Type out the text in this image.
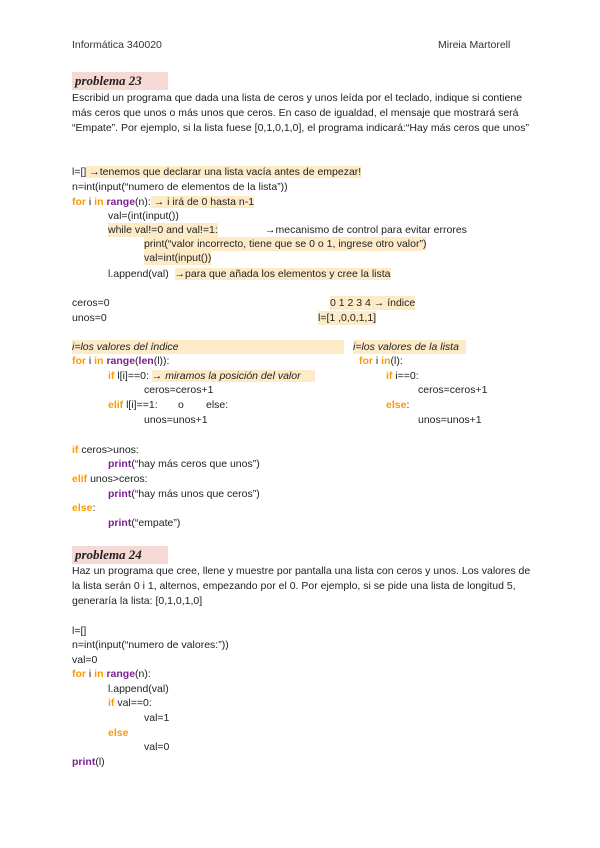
Informática 340020	Mireia Martorell
problema 23
Escribid un programa que dada una lista de ceros y unos leída por el teclado, indique si contiene más ceros que unos o más unos que ceros. En caso de igualdad, el mensaje que mostrará será “Empate”. Por ejemplo, si la lista fuese [0,1,0,1,0], el programa indicará:“Hay más ceros que unos”
l=[] →tenemos que declarar una lista vacía antes de empezar!
n=int(input(“numero de elementos de la lista”))
for i in range(n): → i irá de 0 hasta n-1
val=(int(input())
while val!=0 and val!=1:	→mecanismo de control para evitar errores
print(“valor incorrecto, tiene que se 0 o 1, ingrese otro valor”)
val=int(input())
l.append(val) →para que añada los elementos y cree la lista
ceros=0
unos=0
0 1 2 3 4 → índice
l=[1 ,0,0,1,1]
i=los valores del índice
for i in range(len(l)):
if l[i]==0: → miramos la posición del valor
ceros=ceros+1
elif l[i]==1: o else:
unos=unos+1
i=los valores de la lista
for i in(l):
if i==0:
ceros=ceros+1
else:
unos=unos+1
if ceros>unos:
print(“hay más ceros que unos”)
elif unos>ceros:
print(“hay más unos que ceros”)
else:
print(“empate”)
problema 24
Haz un programa que cree, llene y muestre por pantalla una lista con ceros y unos. Los valores de la lista serán 0 i 1, alternos, empezando por el 0. Por ejemplo, si se pide una lista de longitud 5, generaría la lista: [0,1,0,1,0]
l=[]
n=int(input(“numero de valores:”))
val=0
for i in range(n):
l.append(val)
if val==0:
val=1
else
val=0
print(l)
